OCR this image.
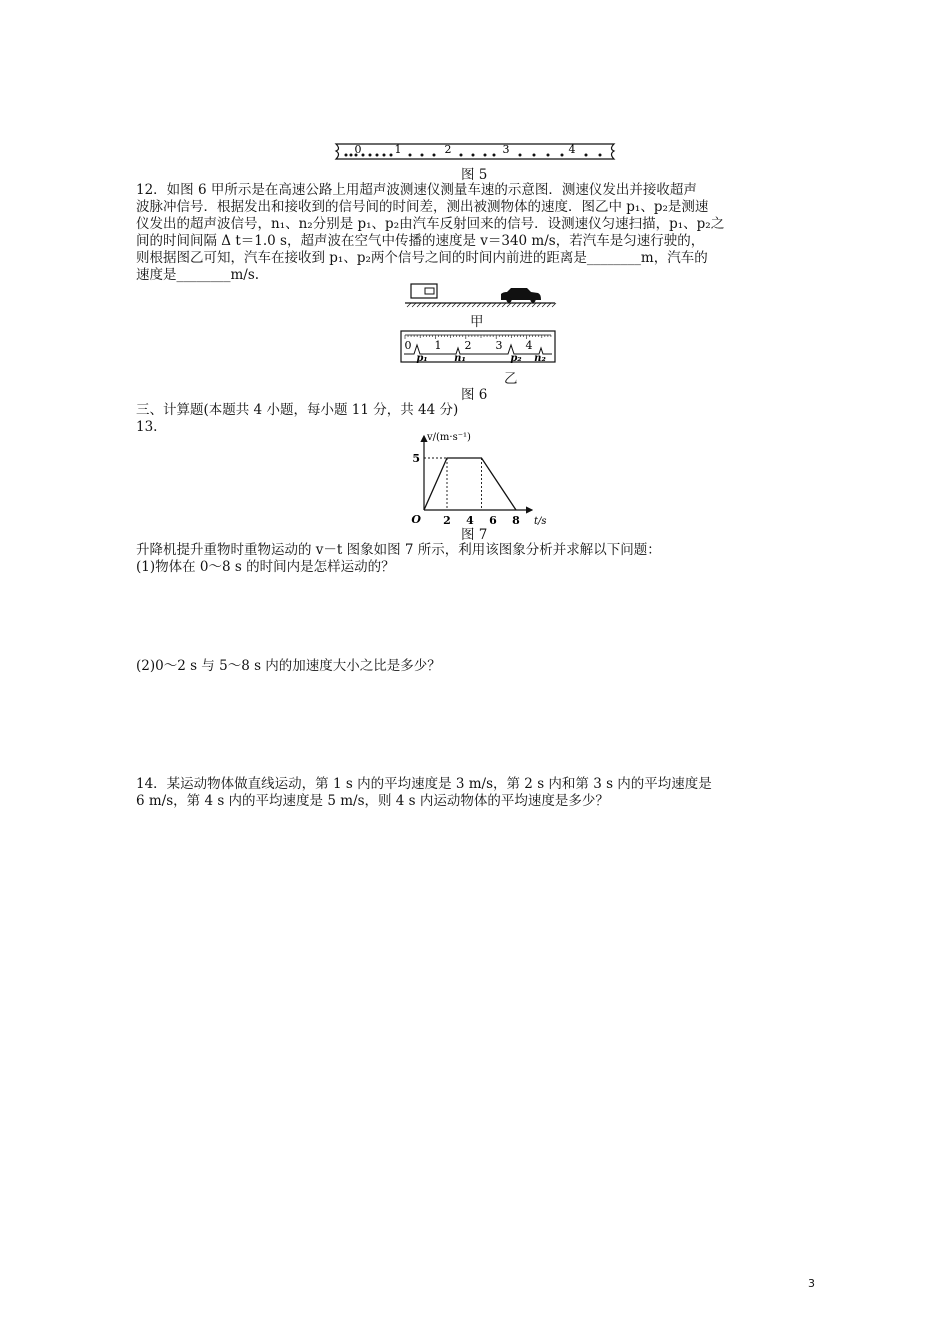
0	1	2	3	4
图 5
12．如图 6 甲所示是在高速公路上用超声波测速仪测量车速的示意图．测速仪发出并接收超声
波脉冲信号．根据发出和接收到的信号间的时间差，测出被测物体的速度．图乙中 p₁、p₂是测速
仪发出的超声波信号，n₁、n₂分别是 p₁、p₂由汽车反射回来的信号．设测速仪匀速扫描，p₁、p₂之
间的时间间隔 Δ t＝1.0 s，超声波在空气中传播的速度是 v＝340 m/s，若汽车是匀速行驶的，
则根据图乙可知，汽车在接收到 p₁、p₂两个信号之间的时间内前进的距离是________m，汽车的
速度是________m/s.
甲
0 1 2 3 4
p₁	n₁	p₂ n₂
乙
图 6
三、计算题(本题共 4 小题，每小题 11 分，共 44 分)
13.
v/(m·s⁻¹)
t/s
O
5
2 4 6 8
图 7
升降机提升重物时重物运动的 v－t 图象如图 7 所示，利用该图象分析并求解以下问题：
(1)物体在 0～8 s 的时间内是怎样运动的？
(2)0～2 s 与 5～8 s 内的加速度大小之比是多少？
14．某运动物体做直线运动，第 1 s 内的平均速度是 3 m/s，第 2 s 内和第 3 s 内的平均速度是
6 m/s，第 4 s 内的平均速度是 5 m/s，则 4 s 内运动物体的平均速度是多少？
3
